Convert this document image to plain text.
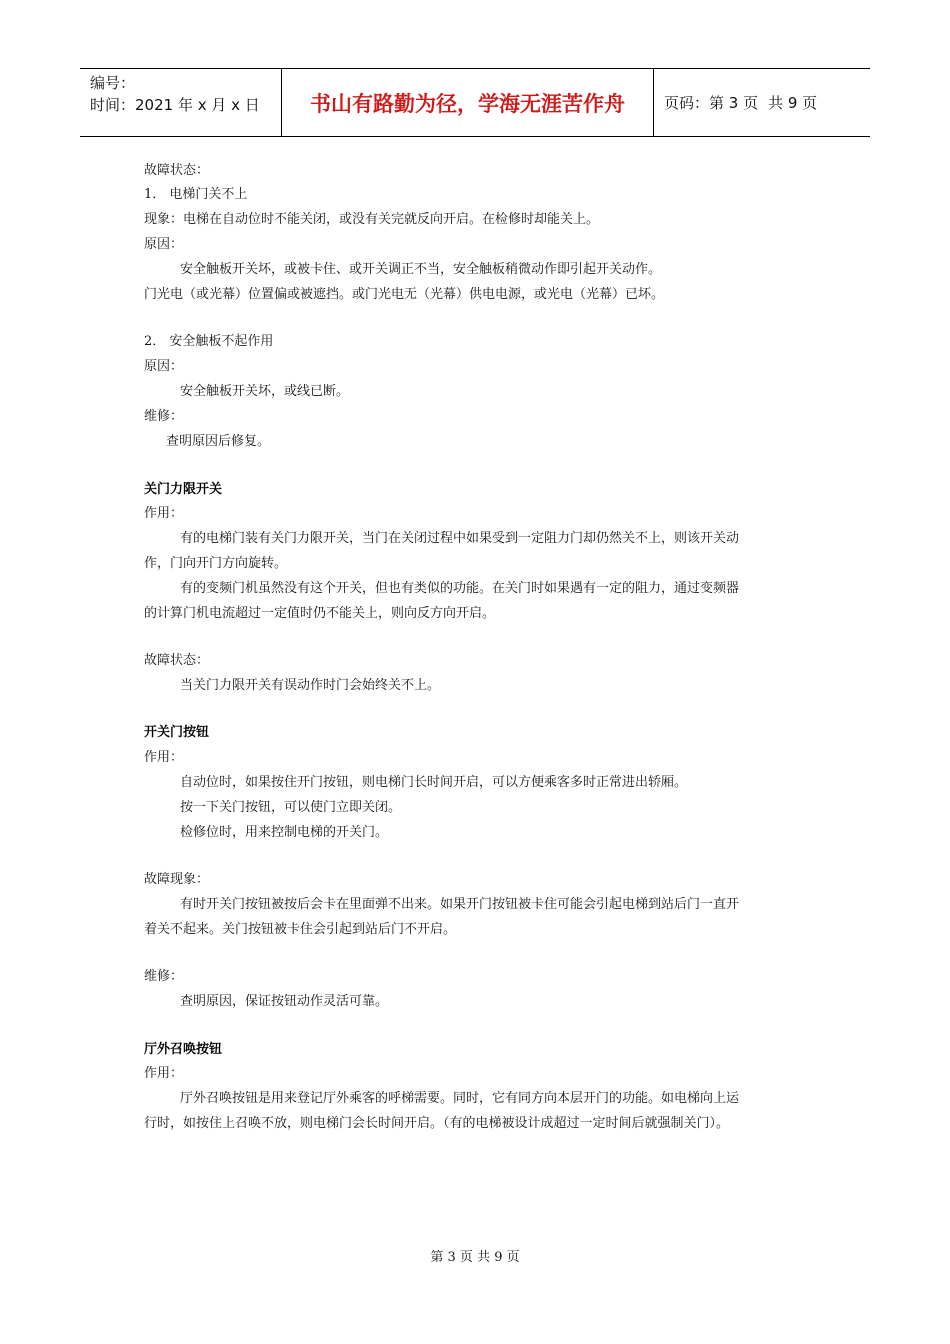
编号：
时间：2021 年 x 月 x 日	书山有路勤为径，学海无涯苦作舟	页码：第 3 页 共 9 页
故障状态：
1． 电梯门关不上
现象：电梯在自动位时不能关闭，或没有关完就反向开启。在检修时却能关上。
原因：
安全触板开关坏，或被卡住、或开关调正不当，安全触板稍微动作即引起开关动作。
门光电（或光幕）位置偏或被遮挡。或门光电无（光幕）供电电源，或光电（光幕）已坏。
2． 安全触板不起作用
原因：
安全触板开关坏，或线已断。
维修：
查明原因后修复。
关门力限开关
作用：
有的电梯门装有关门力限开关，当门在关闭过程中如果受到一定阻力门却仍然关不上，则该开关动
作，门向开门方向旋转。
有的变频门机虽然没有这个开关，但也有类似的功能。在关门时如果遇有一定的阻力，通过变频器
的计算门机电流超过一定值时仍不能关上，则向反方向开启。
故障状态：
当关门力限开关有误动作时门会始终关不上。
开关门按钮
作用：
自动位时，如果按住开门按钮，则电梯门长时间开启，可以方便乘客多时正常进出轿厢。
按一下关门按钮，可以使门立即关闭。
检修位时，用来控制电梯的开关门。
故障现象：
有时开关门按钮被按后会卡在里面弹不出来。如果开门按钮被卡住可能会引起电梯到站后门一直开
着关不起来。关门按钮被卡住会引起到站后门不开启。
维修：
查明原因，保证按钮动作灵活可靠。
厅外召唤按钮
作用：
厅外召唤按钮是用来登记厅外乘客的呼梯需要。同时，它有同方向本层开门的功能。如电梯向上运
行时，如按住上召唤不放，则电梯门会长时间开启。（有的电梯被设计成超过一定时间后就强制关门）。
第 3 页 共 9 页
